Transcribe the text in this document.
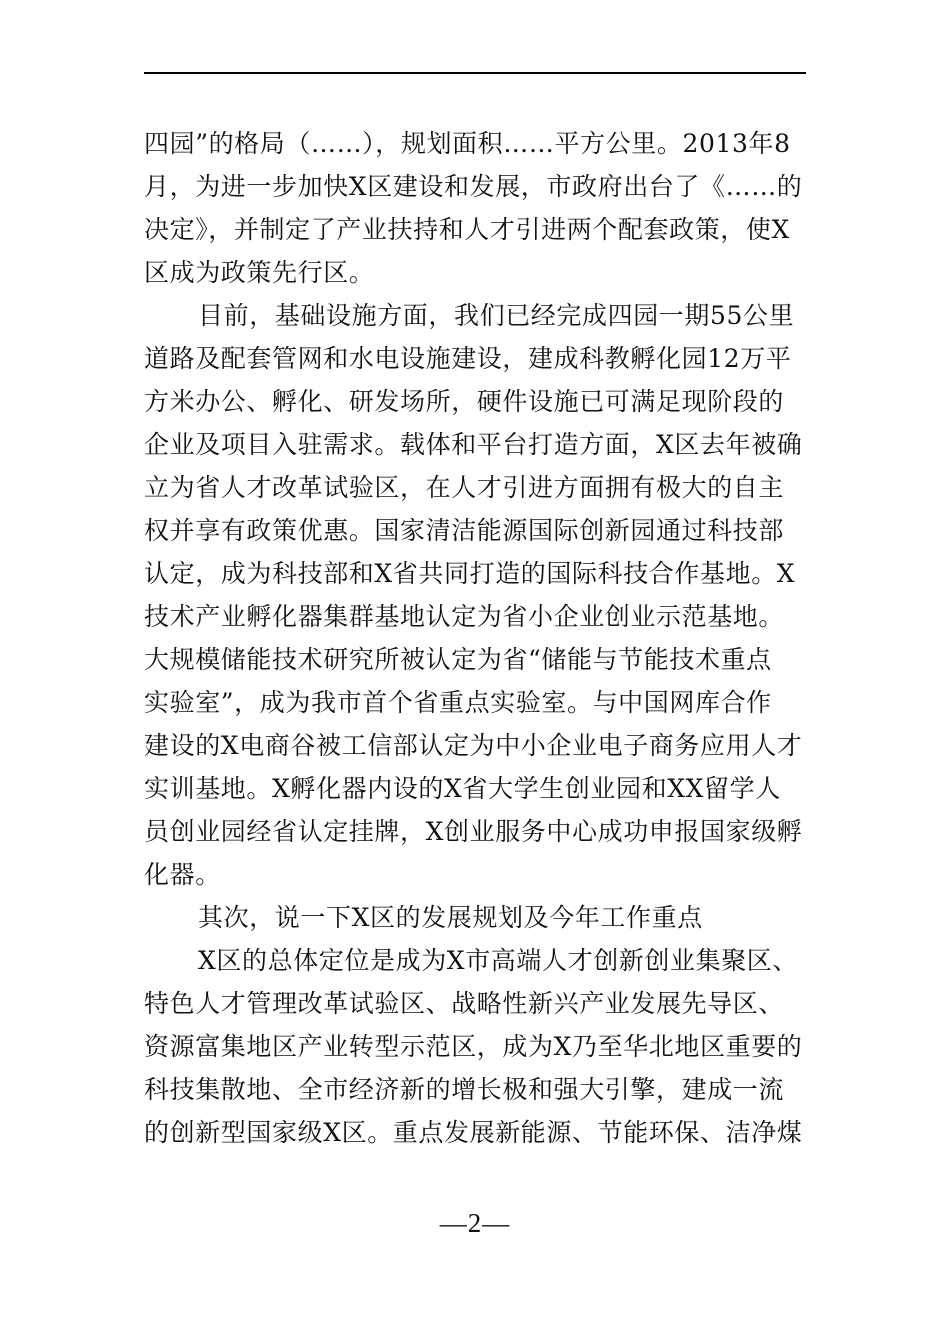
四园”的格局（……），规划面积……平方公里。2013年8
月，为进一步加快X区建设和发展，市政府出台了《……的
决定》，并制定了产业扶持和人才引进两个配套政策，使X
区成为政策先行区。
目前，基础设施方面，我们已经完成四园一期55公里
道路及配套管网和水电设施建设，建成科教孵化园12万平
方米办公、孵化、研发场所，硬件设施已可满足现阶段的
企业及项目入驻需求。载体和平台打造方面，X区去年被确
立为省人才改革试验区，在人才引进方面拥有极大的自主
权并享有政策优惠。国家清洁能源国际创新园通过科技部
认定，成为科技部和X省共同打造的国际科技合作基地。X
技术产业孵化器集群基地认定为省小企业创业示范基地。
大规模储能技术研究所被认定为省“储能与节能技术重点
实验室”，成为我市首个省重点实验室。与中国网库合作
建设的X电商谷被工信部认定为中小企业电子商务应用人才
实训基地。X孵化器内设的X省大学生创业园和XX留学人
员创业园经省认定挂牌，X创业服务中心成功申报国家级孵
化器。
其次，说一下X区的发展规划及今年工作重点
X区的总体定位是成为X市高端人才创新创业集聚区、
特色人才管理改革试验区、战略性新兴产业发展先导区、
资源富集地区产业转型示范区，成为X乃至华北地区重要的
科技集散地、全市经济新的增长极和强大引擎，建成一流
的创新型国家级X区。重点发展新能源、节能环保、洁净煤
—2—
